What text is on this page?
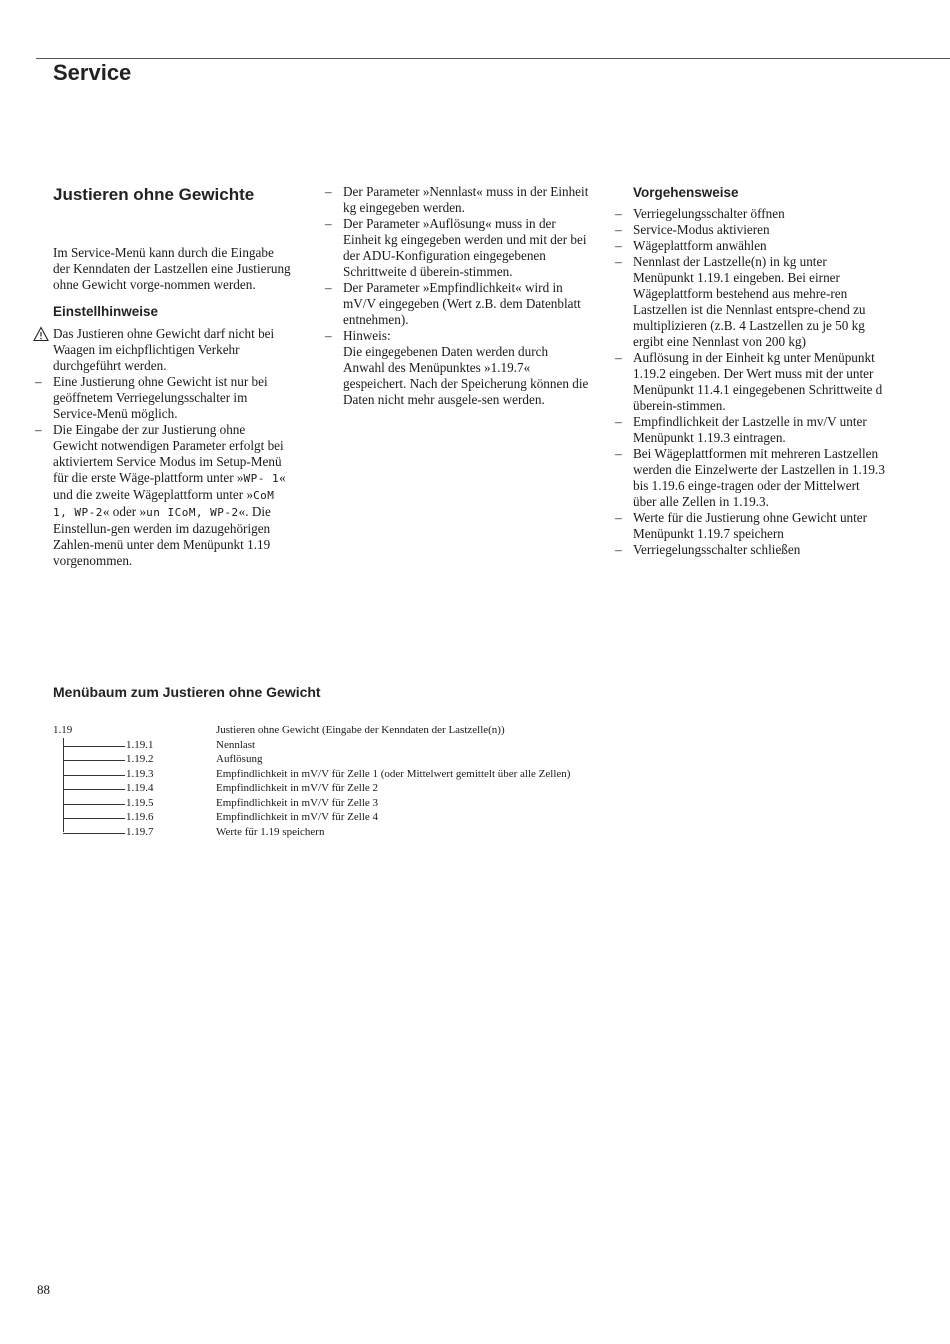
Service
Justieren ohne Gewichte

Im Service-Menü kann durch die Eingabe der Kenndaten der Lastzellen eine Justierung ohne Gewicht vorge-nommen werden.

Einstellhinweise
Das Justieren ohne Gewicht darf nicht bei Waagen im eichpflichtigen Verkehr durchgeführt werden.
– Eine Justierung ohne Gewicht ist nur bei geöffnetem Verriegelungsschalter im Service-Menü möglich.
– Die Eingabe der zur Justierung ohne Gewicht notwendigen Parameter erfolgt bei aktiviertem Service Modus im Setup-Menü für die erste Wäge-plattform unter »WP- 1« und die zweite Wägeplattform unter »CoM 1, WP-2« oder »un ICoM, WP-2«. Die Einstellun-gen werden im dazugehörigen Zahlen-menü unter dem Menüpunkt 1.19 vorgenommen.
– Der Parameter »Nennlast« muss in der Einheit kg eingegeben werden.
– Der Parameter »Auflösung« muss in der Einheit kg eingegeben werden und mit der bei der ADU-Konfiguration eingegebenen Schrittweite d überein-stimmen.
– Der Parameter »Empfindlichkeit« wird in mV/V eingegeben (Wert z.B. dem Datenblatt entnehmen).
– Hinweis:
Die eingegebenen Daten werden durch Anwahl des Menüpunktes »1.19.7« gespeichert. Nach der Speicherung können die Daten nicht mehr ausgele-sen werden.
Vorgehensweise
– Verriegelungsschalter öffnen
– Service-Modus aktivieren
– Wägeplattform anwählen
– Nennlast der Lastzelle(n) in kg unter Menüpunkt 1.19.1 eingeben. Bei eirner Wägeplattform bestehend aus mehre-ren Lastzellen ist die Nennlast entspre-chend zu multiplizieren (z.B. 4 Lastzellen zu je 50 kg ergibt eine Nennlast von 200 kg)
– Auflösung in der Einheit kg unter Menüpunkt 1.19.2 eingeben. Der Wert muss mit der unter Menüpunkt 11.4.1 eingegebenen Schrittweite d überein-stimmen.
– Empfindlichkeit der Lastzelle in mv/V unter Menüpunkt 1.19.3 eintragen.
– Bei Wägeplattformen mit mehreren Lastzellen werden die Einzelwerte der Lastzellen in 1.19.3 bis 1.19.6 einge-tragen oder der Mittelwert über alle Zellen in 1.19.3.
– Werte für die Justierung ohne Gewicht unter Menüpunkt 1.19.7 speichern
– Verriegelungsschalter schließen
Menübaum zum Justieren ohne Gewicht
1.19	Justieren ohne Gewicht (Eingabe der Kenndaten der Lastzelle(n))
1.19.1	Nennlast
1.19.2	Auflösung
1.19.3	Empfindlichkeit in mV/V für Zelle 1 (oder Mittelwert gemittelt über alle Zellen)
1.19.4	Empfindlichkeit in mV/V für Zelle 2
1.19.5	Empfindlichkeit in mV/V für Zelle 3
1.19.6	Empfindlichkeit in mV/V für Zelle 4
1.19.7	Werte für 1.19 speichern
88
